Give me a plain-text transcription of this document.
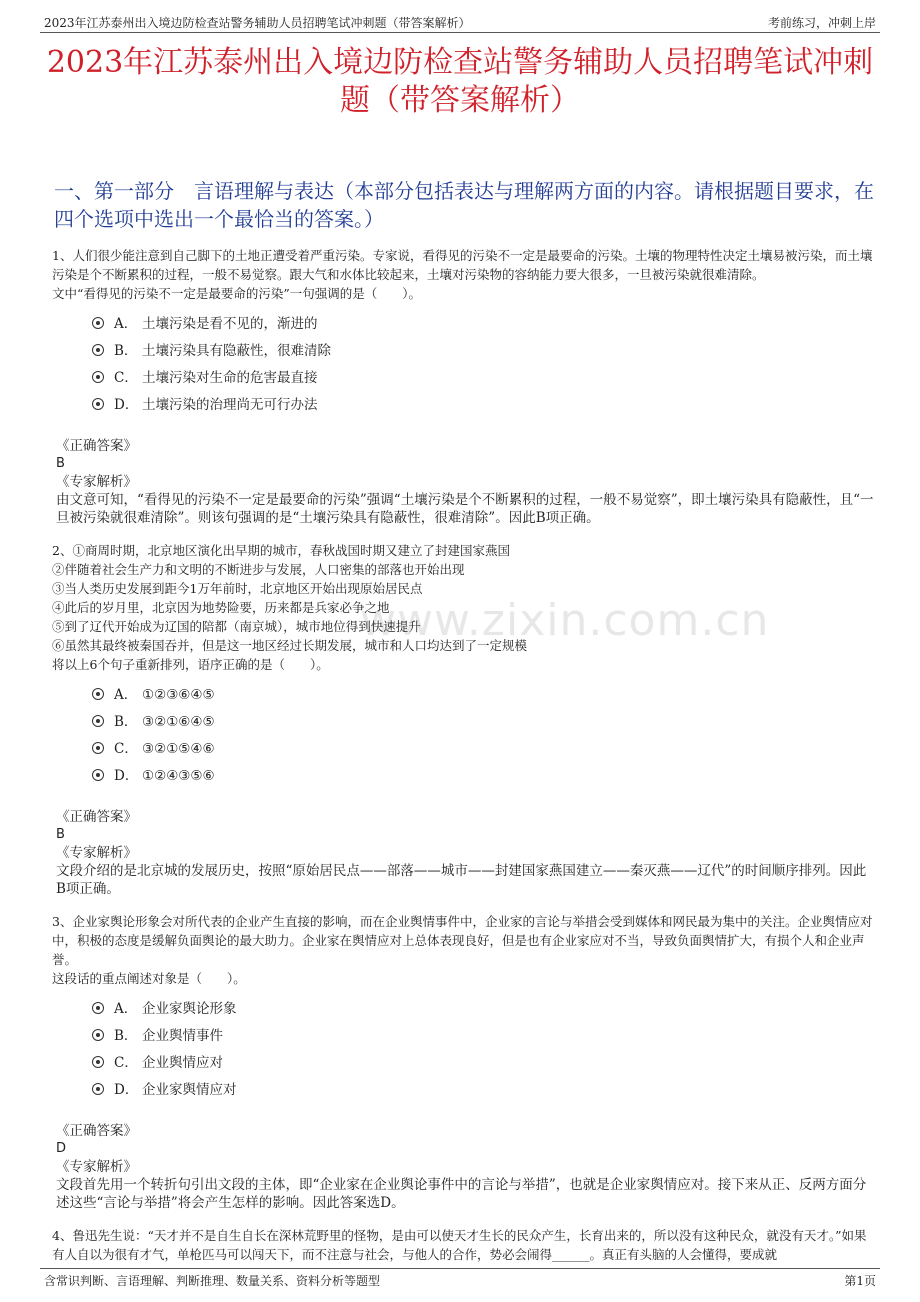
2023年江苏泰州出入境边防检查站警务辅助人员招聘笔试冲刺题（带答案解析）	考前练习，冲刺上岸
2023年江苏泰州出入境边防检查站警务辅助人员招聘笔试冲刺题（带答案解析）
一、第一部分　言语理解与表达（本部分包括表达与理解两方面的内容。请根据题目要求，在四个选项中选出一个最恰当的答案。）
www.zixin.com.cn

1、人们很少能注意到自己脚下的土地正遭受着严重污染。专家说，看得见的污染不一定是最要命的污染。土壤的物理特性决定土壤易被污染，而土壤污染是个不断累积的过程，一般不易觉察。跟大气和水体比较起来，土壤对污染物的容纳能力要大很多，一旦被污染就很难清除。

文中“看得见的污染不一定是最要命的污染”一句强调的是（　　）。

A． 土壤污染是看不见的，渐进的
B． 土壤污染具有隐蔽性，很难清除
C． 土壤污染对生命的危害最直接
D． 土壤污染的治理尚无可行办法
《正确答案》
B
《专家解析》
由文意可知，“看得见的污染不一定是最要命的污染”强调“土壤污染是个不断累积的过程，一般不易觉察”，即土壤污染具有隐蔽性，且“一旦被污染就很难清除”。则该句强调的是“土壤污染具有隐蔽性，很难清除”。因此B项正确。

2、①商周时期，北京地区演化出早期的城市，春秋战国时期又建立了封建国家燕国

②伴随着社会生产力和文明的不断进步与发展，人口密集的部落也开始出现

③当人类历史发展到距今1万年前时，北京地区开始出现原始居民点

④此后的岁月里，北京因为地势险要，历来都是兵家必争之地

⑤到了辽代开始成为辽国的陪都（南京城），城市地位得到快速提升

⑥虽然其最终被秦国吞并，但是这一地区经过长期发展，城市和人口均达到了一定规模

将以上6个句子重新排列，语序正确的是（　　）。

A． ①②③⑥④⑤
B． ③②①⑥④⑤
C． ③②①⑤④⑥
D． ①②④③⑤⑥
《正确答案》
B
《专家解析》
文段介绍的是北京城的发展历史，按照“原始居民点——部落——城市——封建国家燕国建立——秦灭燕——辽代”的时间顺序排列。因此B项正确。

3、企业家舆论形象会对所代表的企业产生直接的影响，而在企业舆情事件中，企业家的言论与举措会受到媒体和网民最为集中的关注。企业舆情应对中，积极的态度是缓解负面舆论的最大助力。企业家在舆情应对上总体表现良好，但是也有企业家应对不当，导致负面舆情扩大，有损个人和企业声誉。

这段话的重点阐述对象是（　　）。

A． 企业家舆论形象
B． 企业舆情事件
C． 企业舆情应对
D． 企业家舆情应对
《正确答案》
D
《专家解析》
文段首先用一个转折句引出文段的主体，即“企业家在企业舆论事件中的言论与举措”，也就是企业家舆情应对。接下来从正、反两方面分述这些“言论与举措”将会产生怎样的影响。因此答案选D。
4、鲁迅先生说：“天才并不是自生自长在深林荒野里的怪物，是由可以使天才生长的民众产生，长育出来的，所以没有这种民众，就没有天才。”如果有人自以为很有才气，单枪匹马可以闯天下，而不注意与社会，与他人的合作，势必会闹得______。真正有头脑的人会懂得，要成就
含常识判断、言语理解、判断推理、数量关系、资料分析等题型	第1页
